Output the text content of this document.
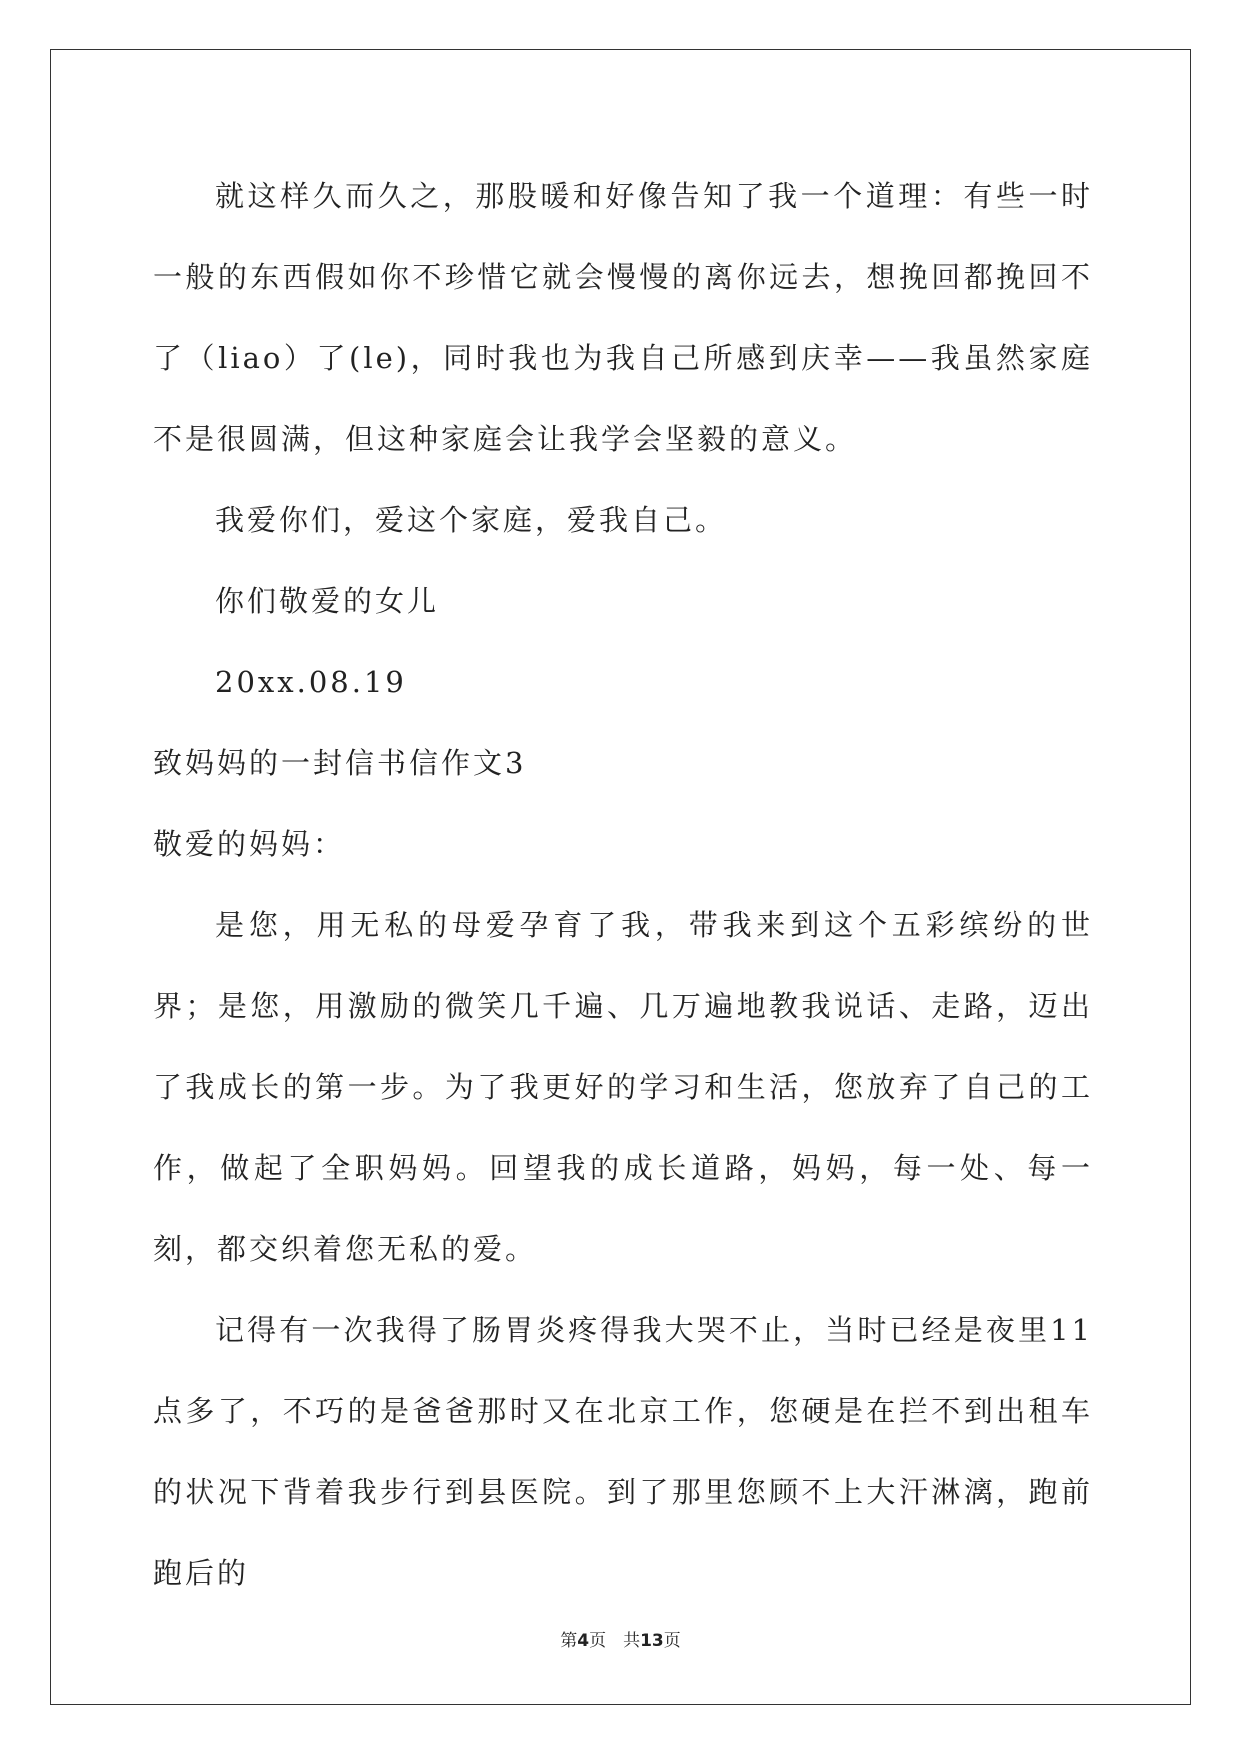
就这样久而久之，那股暖和好像告知了我一个道理：有些一时一般的东西假如你不珍惜它就会慢慢的离你远去，想挽回都挽回不了（liao）了(le)，同时我也为我自己所感到庆幸——我虽然家庭不是很圆满，但这种家庭会让我学会坚毅的意义。

我爱你们，爱这个家庭，爱我自己。

你们敬爱的女儿

20xx.08.19

致妈妈的一封信书信作文3

敬爱的妈妈：

是您，用无私的母爱孕育了我，带我来到这个五彩缤纷的世界；是您，用激励的微笑几千遍、几万遍地教我说话、走路，迈出了我成长的第一步。为了我更好的学习和生活，您放弃了自己的工作，做起了全职妈妈。回望我的成长道路，妈妈，每一处、每一刻，都交织着您无私的爱。

记得有一次我得了肠胃炎疼得我大哭不止，当时已经是夜里11点多了，不巧的是爸爸那时又在北京工作，您硬是在拦不到出租车的状况下背着我步行到县医院。到了那里您顾不上大汗淋漓，跑前跑后的

第4页　共13页
